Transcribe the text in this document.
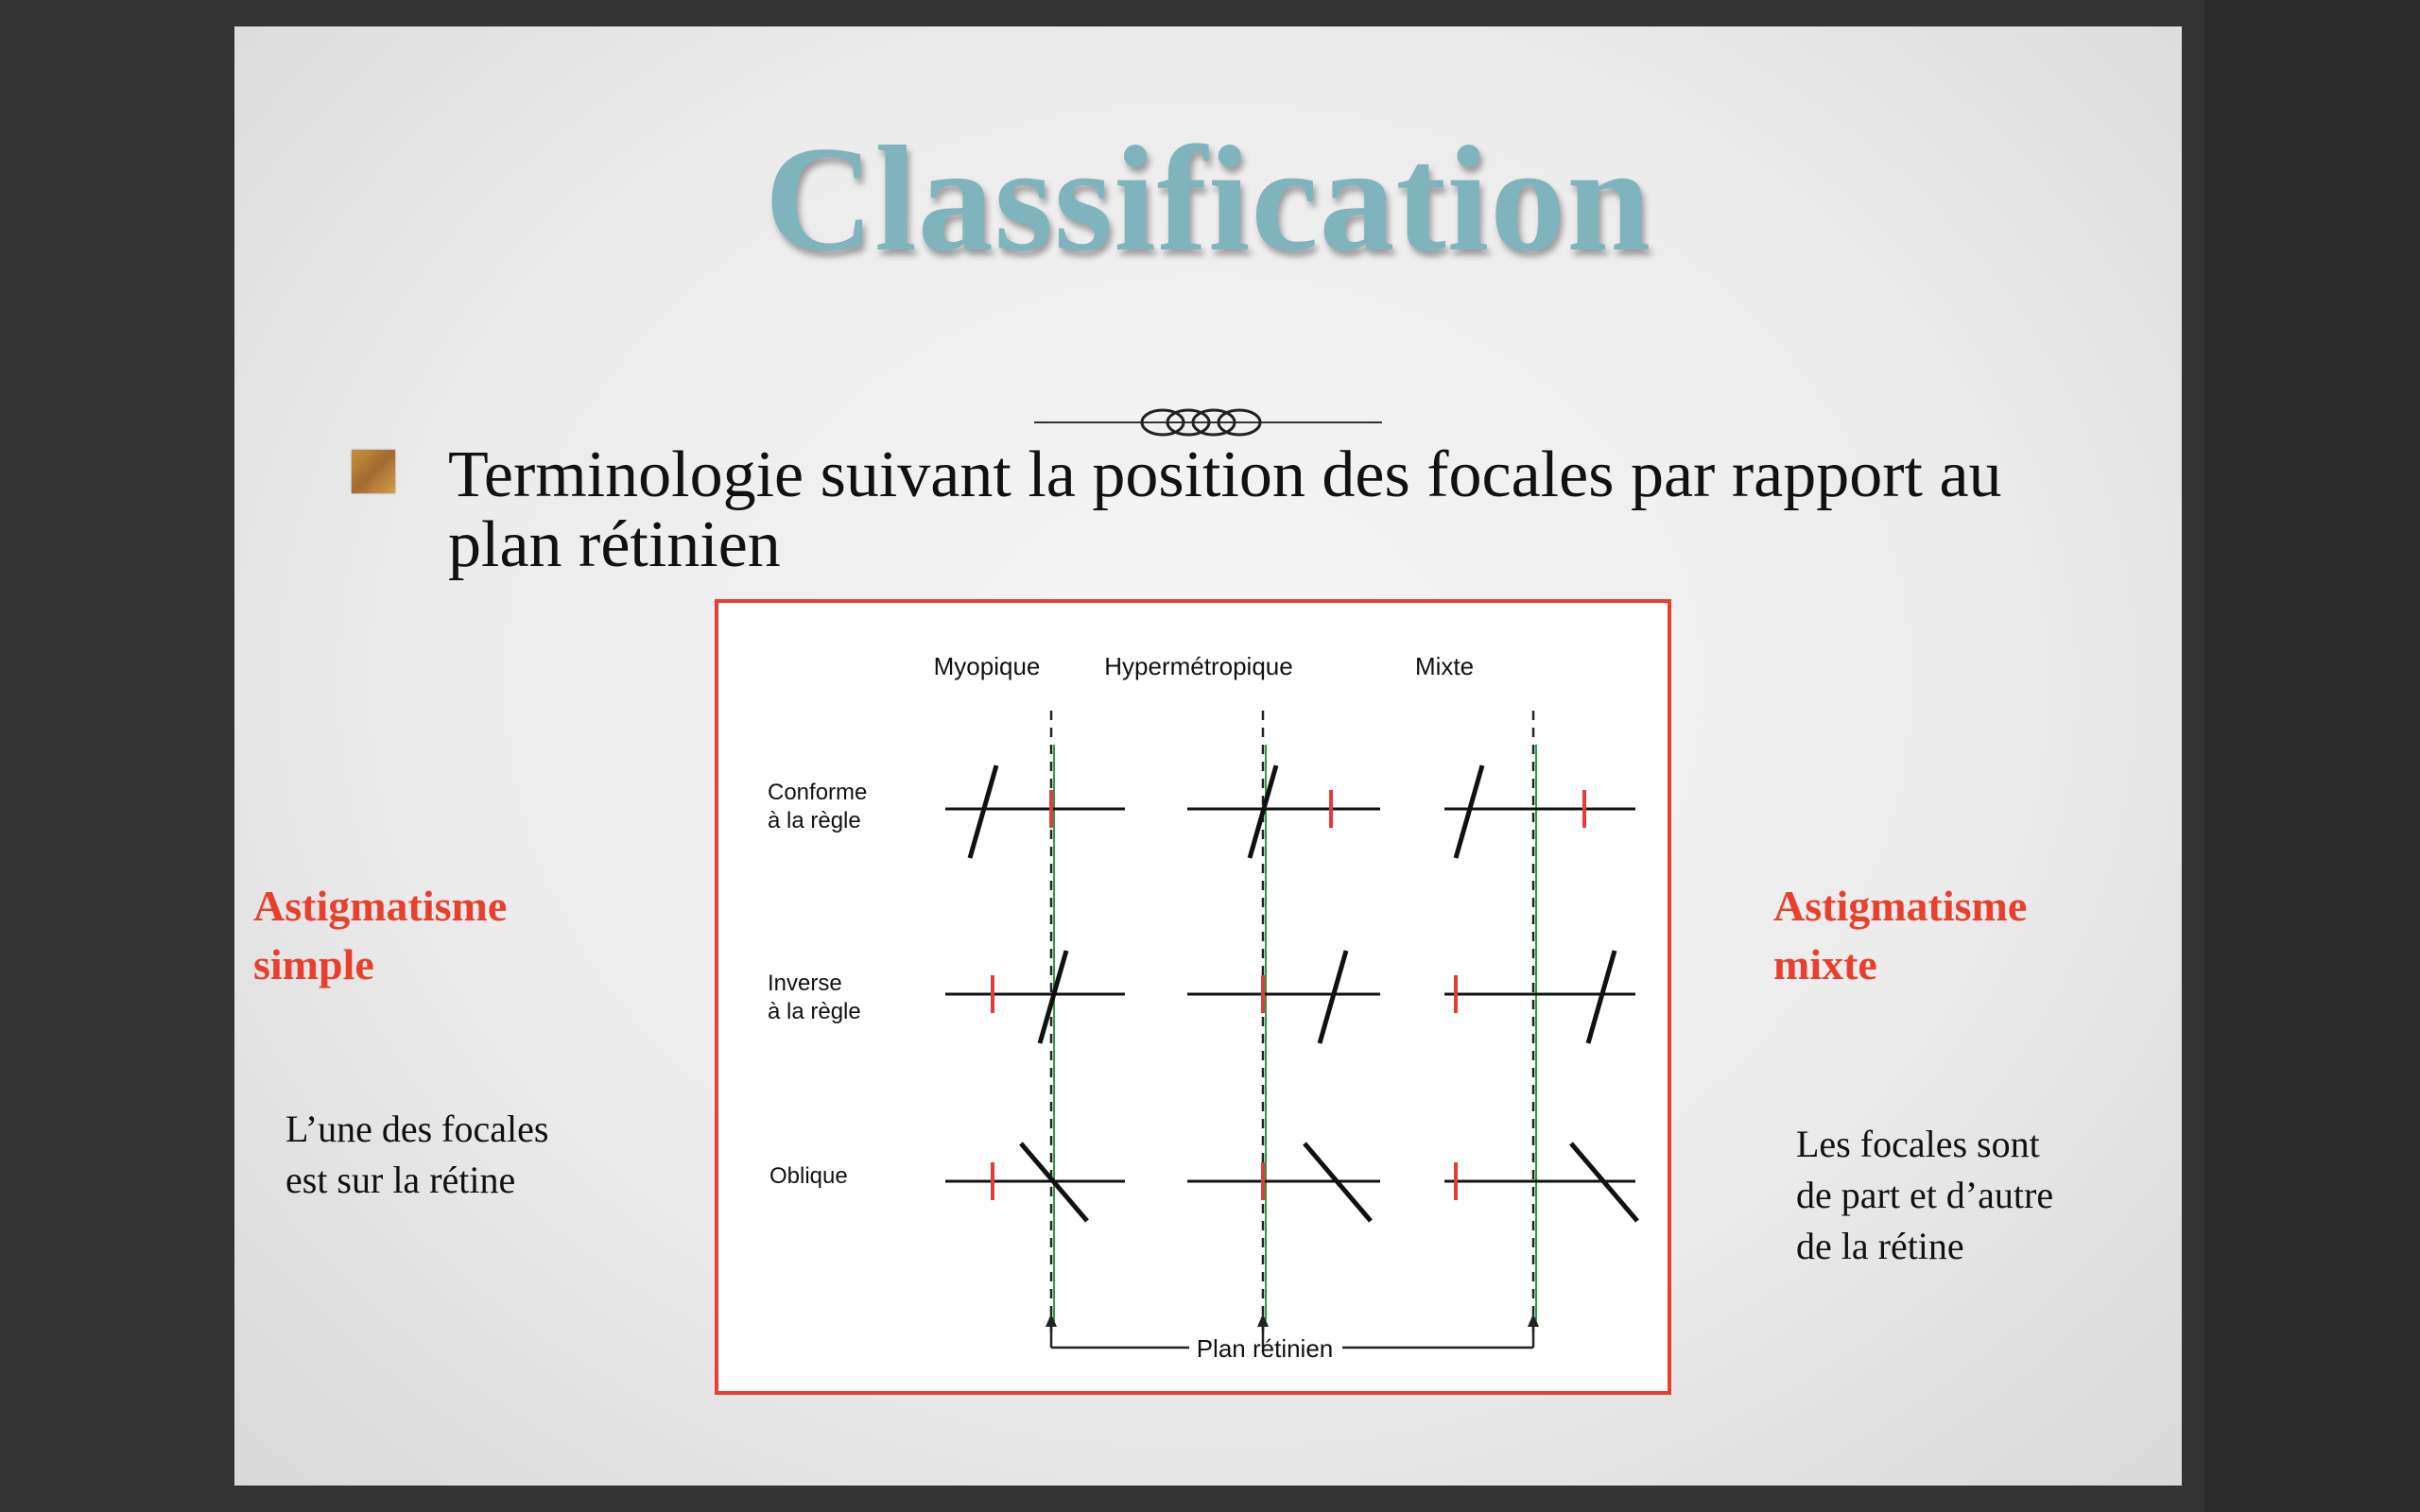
Classification
Terminologie suivant la position des focales par rapport au plan rétinien
Astigmatisme
simple
L’une des focales
est sur la rétine
Astigmatisme
mixte
Les focales sont
de part et d’autre
de la rétine
Myopique	Hypermétropique	Mixte
Conforme
à la règle
Inverse
à la règle
Oblique
Plan rétinien
